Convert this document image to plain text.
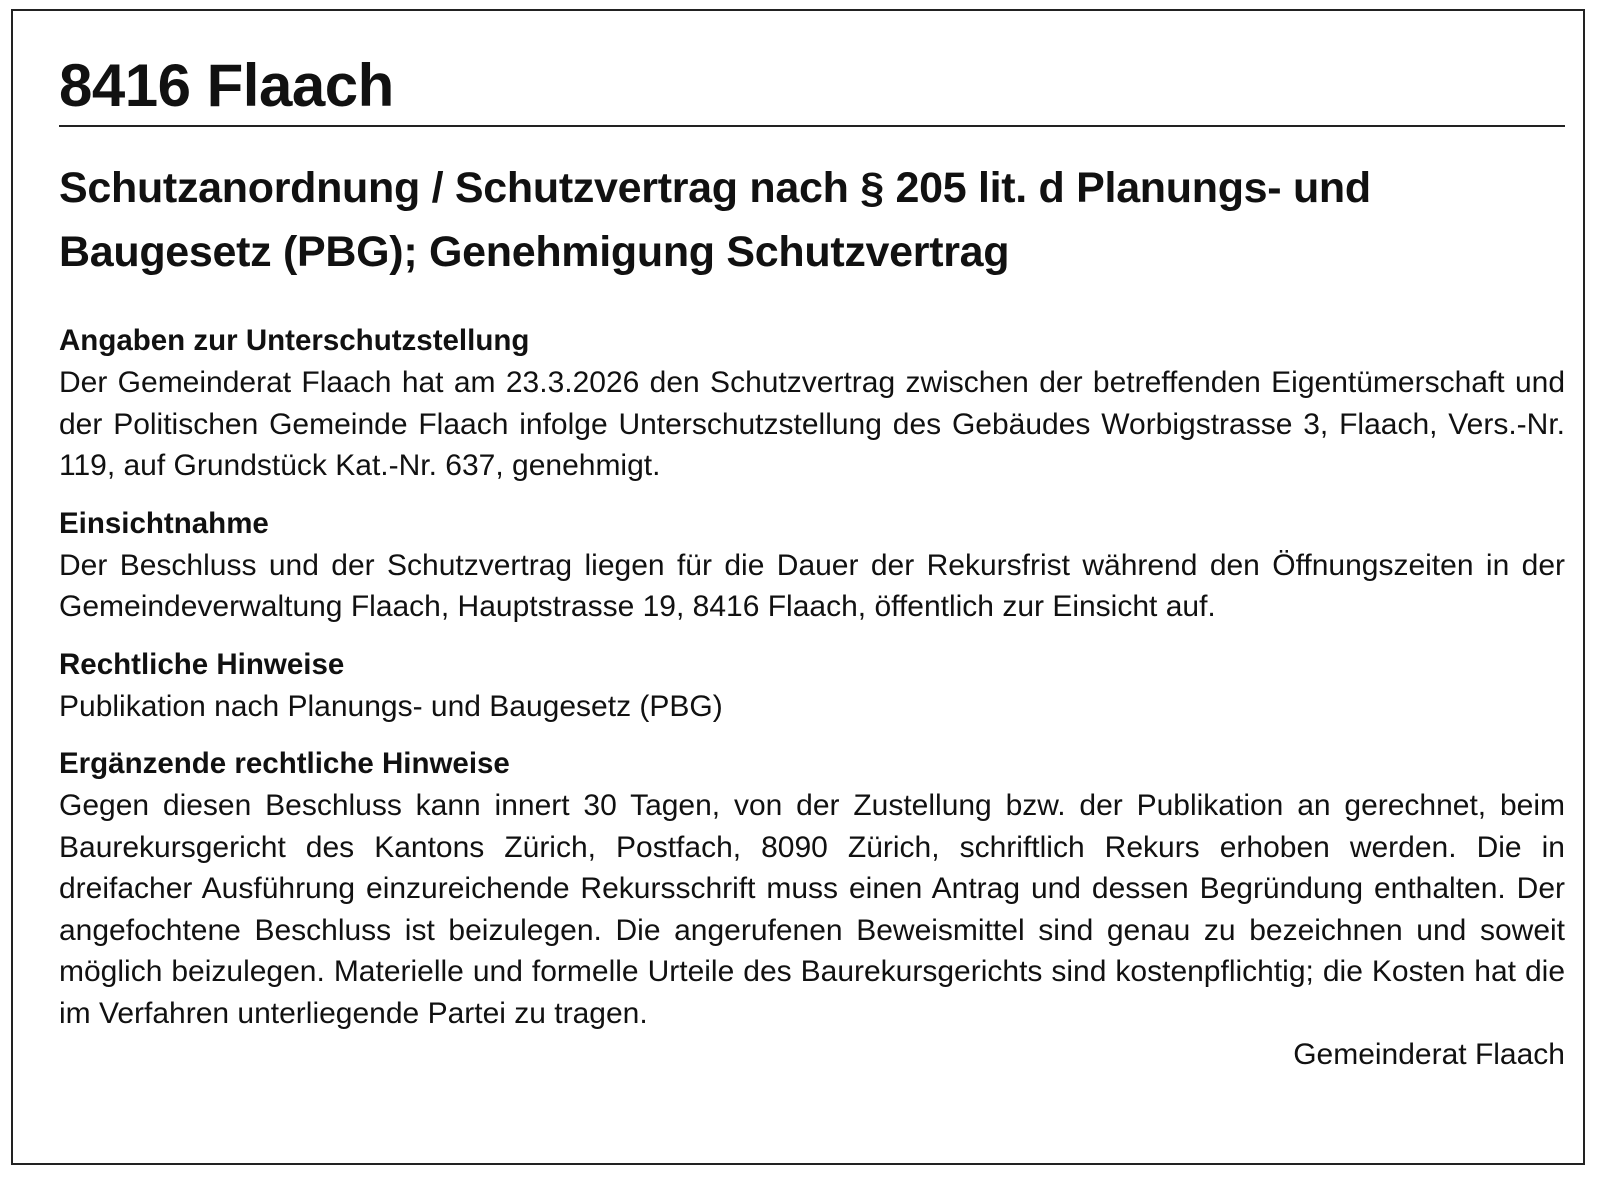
8416 Flaach
Schutzanordnung / Schutzvertrag nach § 205 lit. d Planungs- und Baugesetz (PBG); Genehmigung Schutzvertrag
Angaben zur Unterschutzstellung

Der Gemeinderat Flaach hat am 23.3.2026 den Schutzvertrag zwischen der betreffenden Eigentümerschaft und der Politischen Gemeinde Flaach infolge Unterschutzstellung des Gebäudes Worbigstrasse 3, Flaach, Vers.-Nr. 119, auf Grundstück Kat.-Nr. 637, genehmigt.

Einsichtnahme

Der Beschluss und der Schutzvertrag liegen für die Dauer der Rekursfrist während den Öffnungszeiten in der Gemeindeverwaltung Flaach, Hauptstrasse 19, 8416 Flaach, öffentlich zur Einsicht auf.

Rechtliche Hinweise

Publikation nach Planungs- und Baugesetz (PBG)

Ergänzende rechtliche Hinweise

Gegen diesen Beschluss kann innert 30 Tagen, von der Zustellung bzw. der Publikation an gerechnet, beim Baurekursgericht des Kantons Zürich, Postfach, 8090 Zürich, schriftlich Rekurs erhoben werden. Die in dreifacher Ausführung einzureichende Rekursschrift muss einen Antrag und dessen Begründung enthalten. Der angefochtene Beschluss ist beizulegen. Die angerufenen Beweismittel sind genau zu bezeichnen und soweit möglich beizulegen. Materielle und formelle Urteile des Baurekursgerichts sind kostenpflichtig; die Kosten hat die im Verfahren unterliegende Partei zu tragen.

Gemeinderat Flaach
